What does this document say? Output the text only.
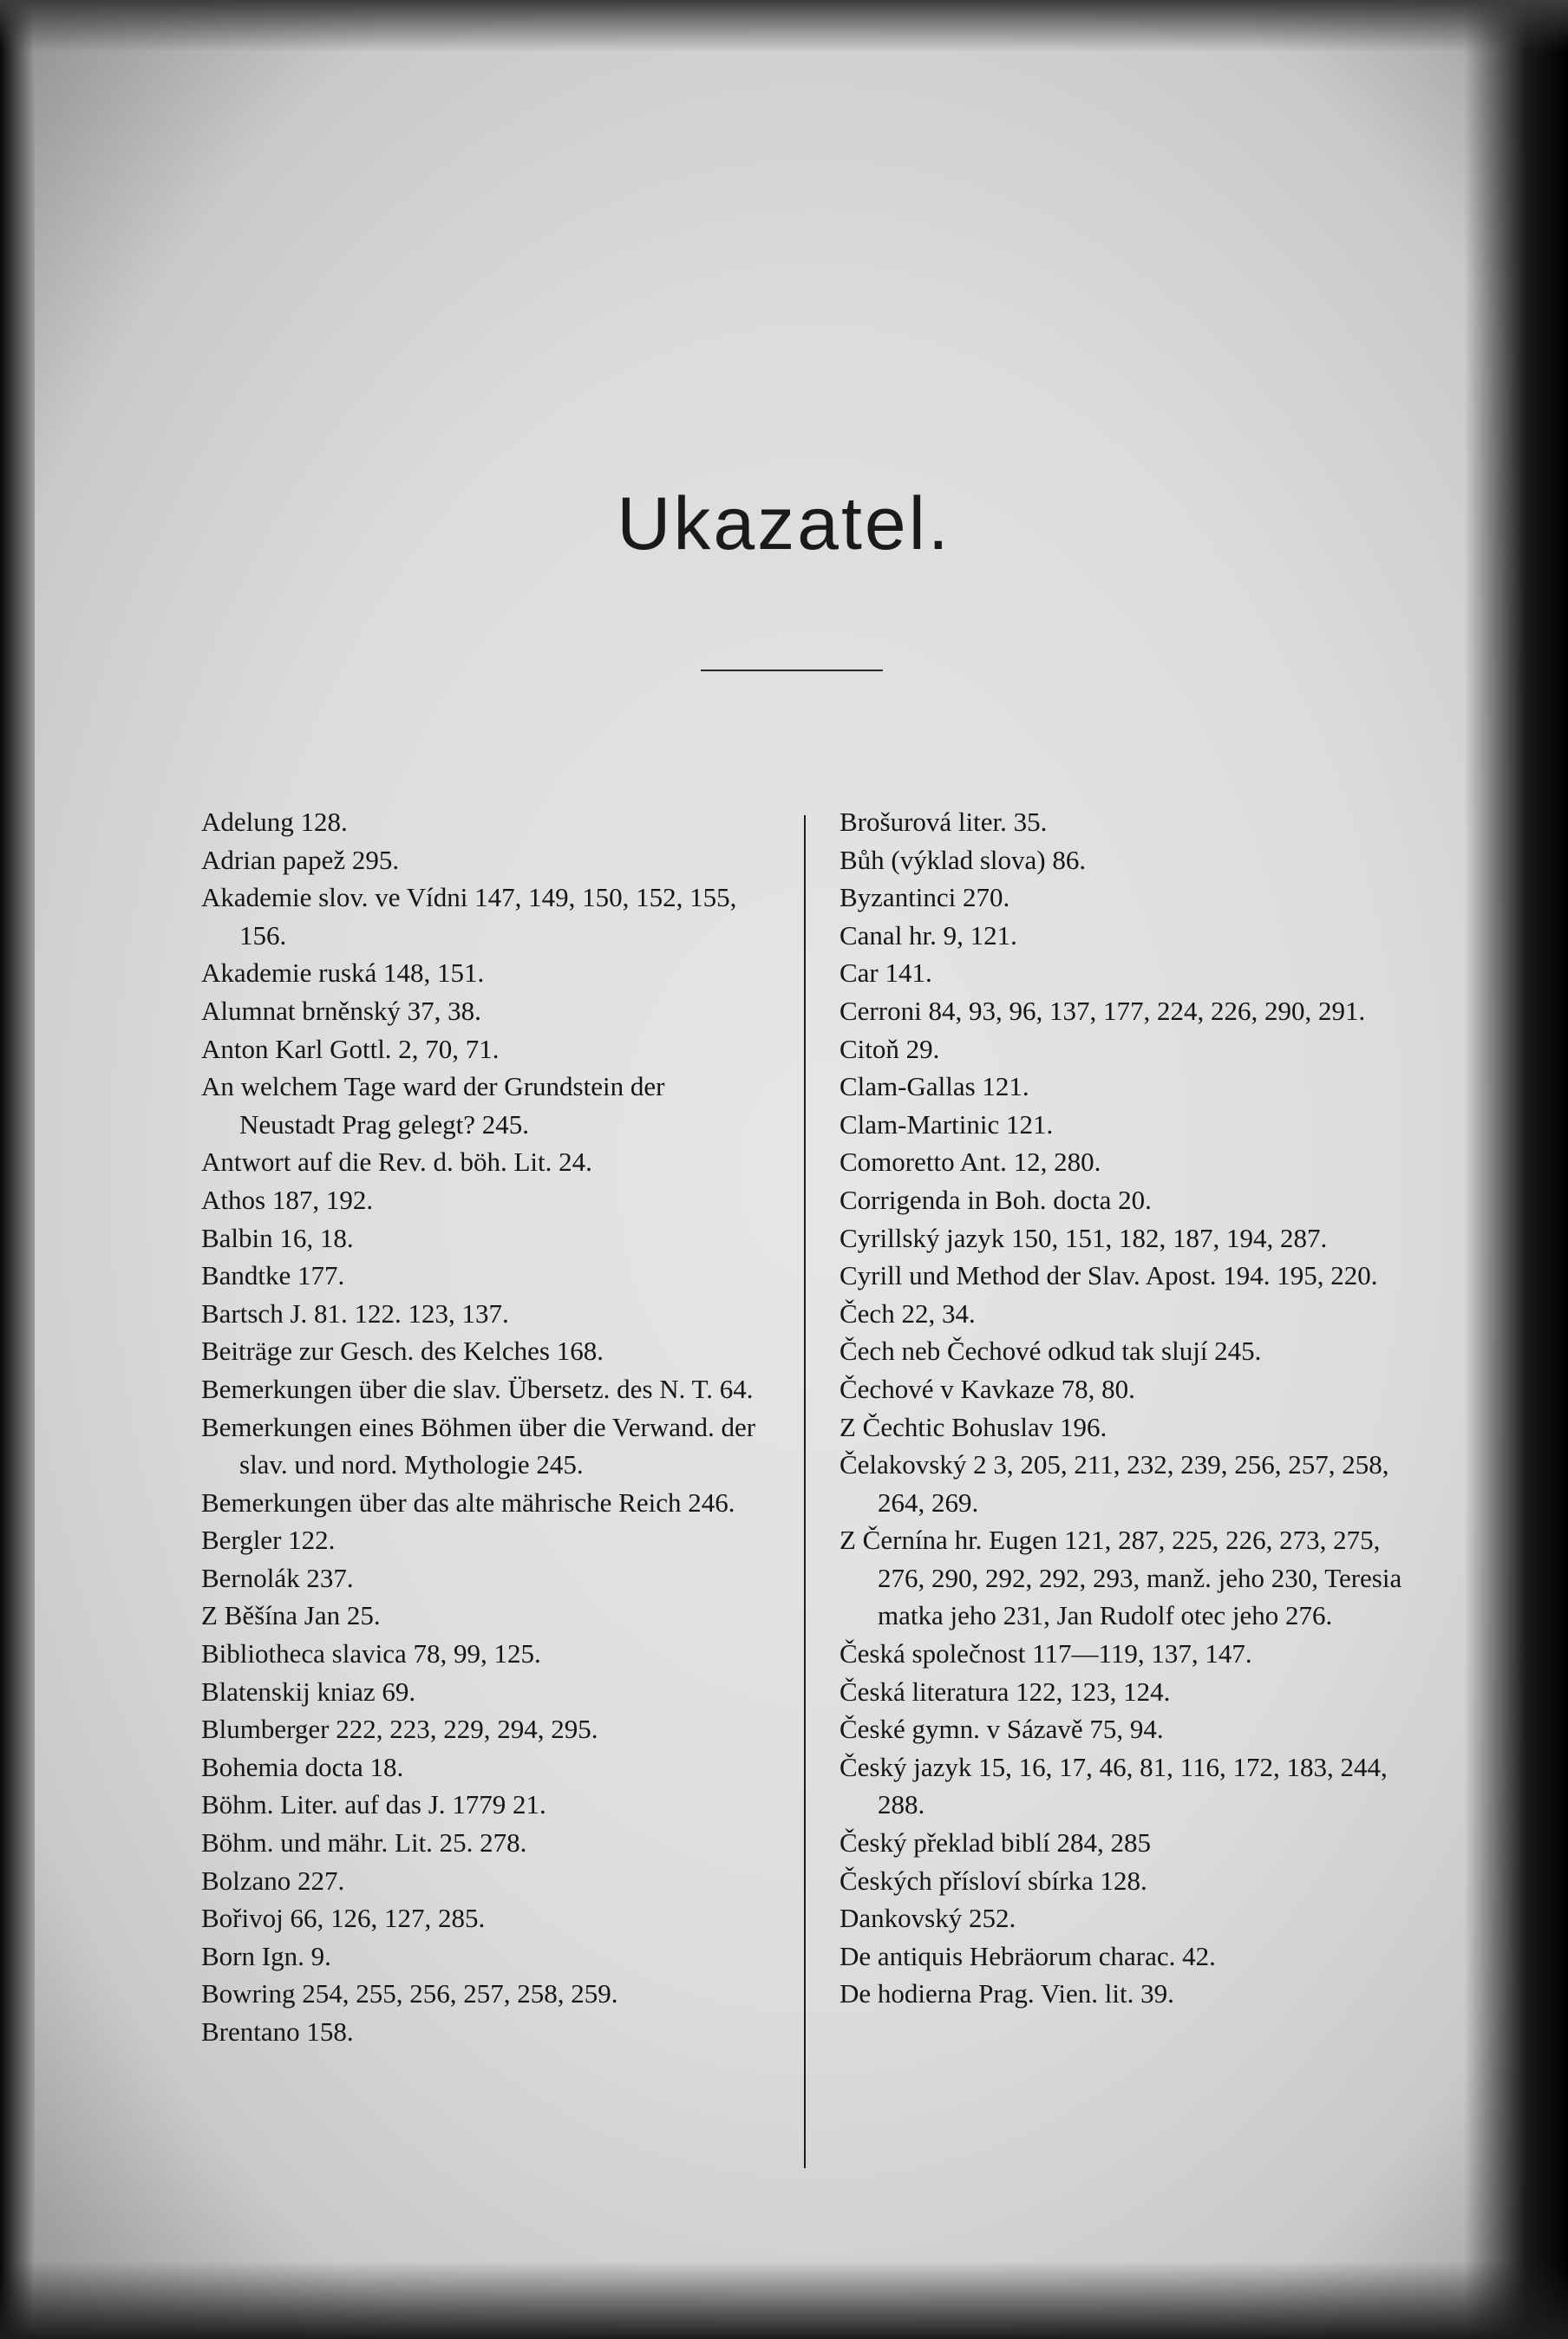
Ukazatel.
Adelung 128.
Adrian papež 295.
Akademie slov. ve Vídni 147, 149, 150, 152, 155, 156.
Akademie ruská 148, 151.
Alumnat brněnský 37, 38.
Anton Karl Gottl. 2, 70, 71.
An welchem Tage ward der Grundstein der Neustadt Prag gelegt? 245.
Antwort auf die Rev. d. böh. Lit. 24.
Athos 187, 192.
Balbin 16, 18.
Bandtke 177.
Bartsch J. 81. 122. 123, 137.
Beiträge zur Gesch. des Kelches 168.
Bemerkungen über die slav. Übersetz. des N. T. 64.
Bemerkungen eines Böhmen über die Verwand. der slav. und nord. Mythologie 245.
Bemerkungen über das alte mährische Reich 246.
Bergler 122.
Bernolák 237.
Z Běšína Jan 25.
Bibliotheca slavica 78, 99, 125.
Blatenskij kniaz 69.
Blumberger 222, 223, 229, 294, 295.
Bohemia docta 18.
Böhm. Liter. auf das J. 1779 21.
Böhm. und mähr. Lit. 25. 278.
Bolzano 227.
Bořivoj 66, 126, 127, 285.
Born Ign. 9.
Bowring 254, 255, 256, 257, 258, 259.
Brentano 158.
Brošurová liter. 35.
Bůh (výklad slova) 86.
Byzantinci 270.
Canal hr. 9, 121.
Car 141.
Cerroni 84, 93, 96, 137, 177, 224, 226, 290, 291.
Citoň 29.
Clam-Gallas 121.
Clam-Martinic 121.
Comoretto Ant. 12, 280.
Corrigenda in Boh. docta 20.
Cyrillský jazyk 150, 151, 182, 187, 194, 287.
Cyrill und Method der Slav. Apost. 194. 195, 220.
Čech 22, 34.
Čech neb Čechové odkud tak slují 245.
Čechové v Kavkaze 78, 80.
Z Čechtic Bohuslav 196.
Čelakovský 2 3, 205, 211, 232, 239, 256, 257, 258, 264, 269.
Z Černína hr. Eugen 121, 287, 225, 226, 273, 275, 276, 290, 292, 292, 293, manž. jeho 230, Teresia matka jeho 231, Jan Rudolf otec jeho 276.
Česká společnost 117—119, 137, 147.
Česká literatura 122, 123, 124.
České gymn. v Sázavě 75, 94.
Český jazyk 15, 16, 17, 46, 81, 116, 172, 183, 244, 288.
Český překlad biblí 284, 285
Českých přísloví sbírka 128.
Dankovský 252.
De antiquis Hebräorum charac. 42.
De hodierna Prag. Vien. lit. 39.
